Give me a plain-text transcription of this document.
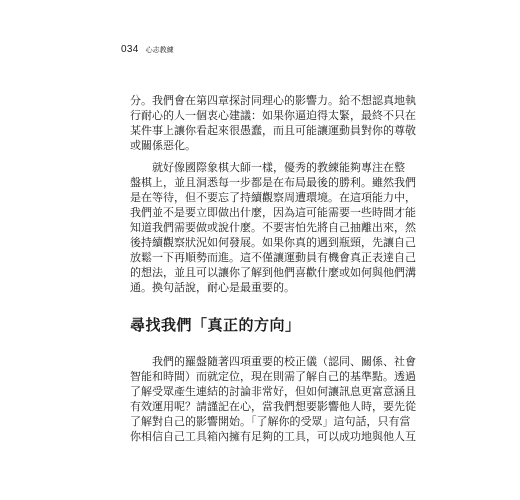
034 心志教練
分。我們會在第四章探討同理心的影響力。給不想認真地執
行耐心的人一個衷心建議：如果你逼迫得太緊，最終不只在
某件事上讓你看起來很愚蠢，而且可能讓運動員對你的尊敬
或關係惡化。
就好像國際象棋大師一樣，優秀的教練能夠專注在整
盤棋上，並且洞悉每一步都是在布局最後的勝利。雖然我們
是在等待，但不要忘了持續觀察周遭環境。在這項能力中，
我們並不是要立即做出什麼，因為這可能需要一些時間才能
知道我們需要做或說什麼。不要害怕先將自己抽離出來，然
後持續觀察狀況如何發展。如果你真的遇到瓶頸，先讓自己
放鬆一下再順勢而進。這不僅讓運動員有機會真正表達自己
的想法，並且可以讓你了解到他們喜歡什麼或如何與他們溝
通。換句話說，耐心是最重要的。
尋找我們「真正的方向」
我們的羅盤隨著四項重要的校正儀（認同、關係、社會
智能和時間）而就定位，現在則需了解自己的基準點。透過
了解受眾產生連結的討論非常好，但如何讓訊息更富意涵且
有效運用呢？請謹記在心，當我們想要影響他人時，要先從
了解對自己的影響開始。「了解你的受眾」這句話，只有當
你相信自己工具箱內擁有足夠的工具，可以成功地與他人互
